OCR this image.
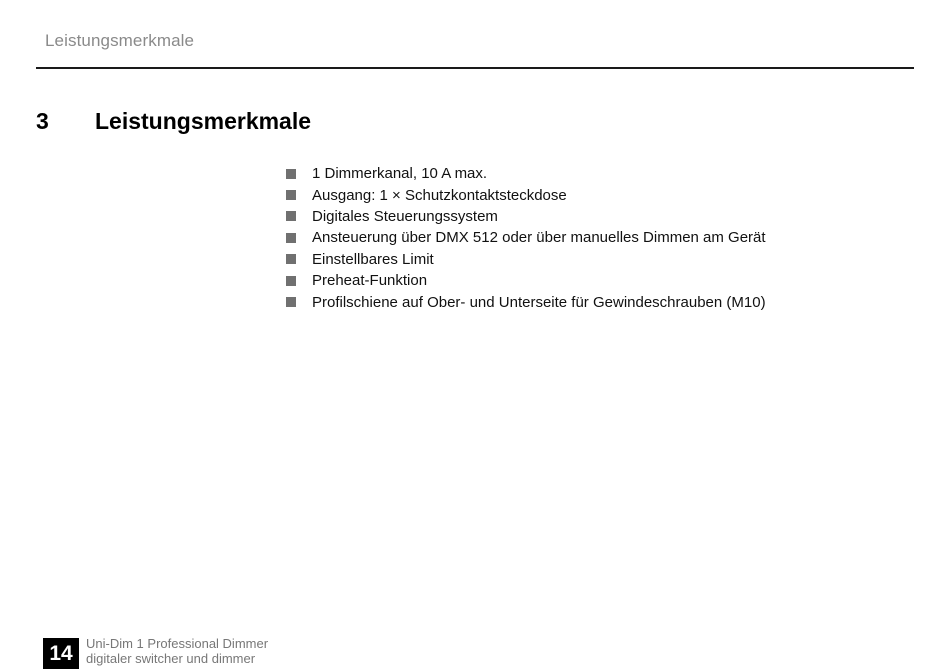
Leistungsmerkmale
3	Leistungsmerkmale
1 Dimmerkanal, 10 A max.
Ausgang: 1 × Schutzkontaktsteckdose
Digitales Steuerungssystem
Ansteuerung über DMX 512 oder über manuelles Dimmen am Gerät
Einstellbares Limit
Preheat-Funktion
Profilschiene auf Ober- und Unterseite für Gewindeschrauben (M10)
14	Uni-Dim 1 Professional Dimmer
digitaler switcher und dimmer
